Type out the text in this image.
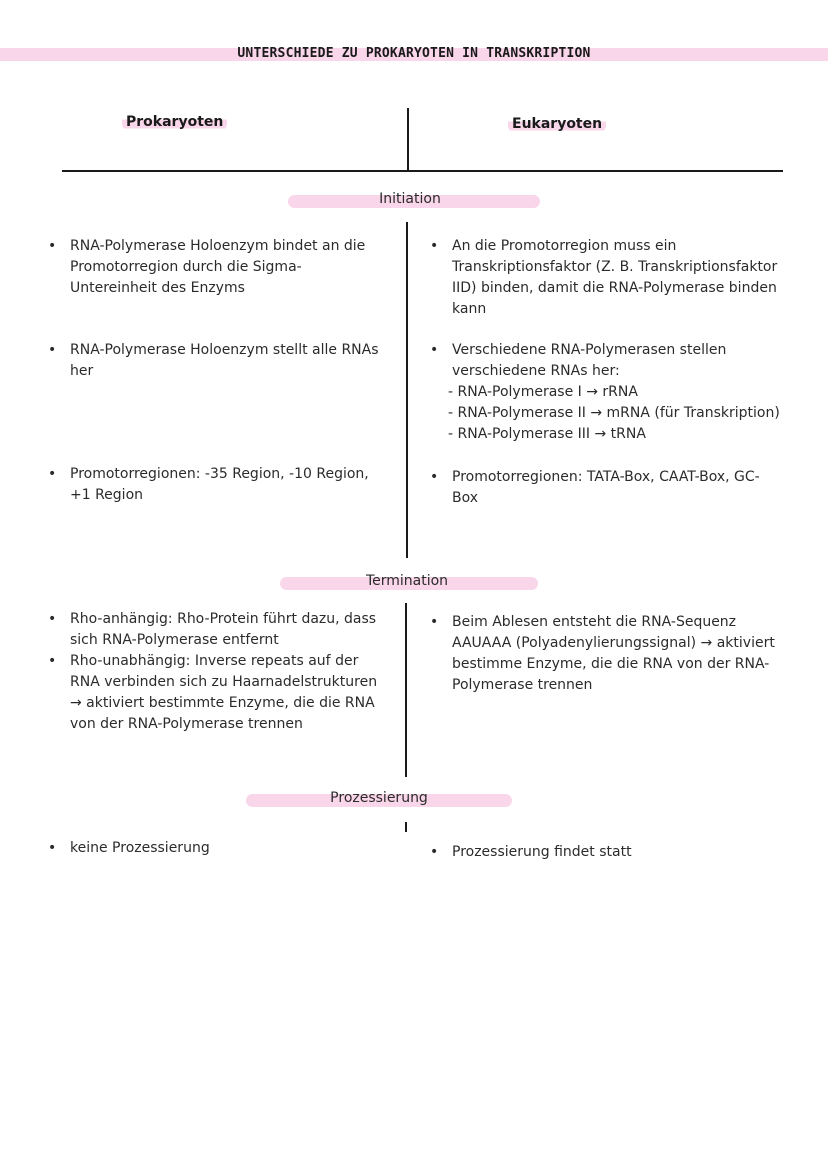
UNTERSCHIEDE ZU PROKARYOTEN IN TRANSKRIPTION
Prokaryoten	Eukaryoten
Initiation
• RNA-Polymerase Holoenzym bindet an die
Promotorregion durch die Sigma-
Untereinheit des Enzyms
• RNA-Polymerase Holoenzym stellt alle RNAs
her
• Promotorregionen: -35 Region, -10 Region,
+1 Region
• An die Promotorregion muss ein
Transkriptionsfaktor (Z. B. Transkriptionsfaktor
IID) binden, damit die RNA-Polymerase binden
kann
• Verschiedene RNA-Polymerasen stellen
verschiedene RNAs her:

- RNA-Polymerase I → rRNA
- RNA-Polymerase II → mRNA (für Transkription)
- RNA-Polymerase III → tRNA
• Promotorregionen: TATA-Box, CAAT-Box, GC-
Box
Termination
• Rho-anhängig: Rho-Protein führt dazu, dass
sich RNA-Polymerase entfernt
• Rho-unabhängig: Inverse repeats auf der
RNA verbinden sich zu Haarnadelstrukturen
→ aktiviert bestimmte Enzyme, die die RNA
von der RNA-Polymerase trennen
• Beim Ablesen entsteht die RNA-Sequenz
AAUAAA (Polyadenylierungssignal) → aktiviert
bestimme Enzyme, die die RNA von der RNA-
Polymerase trennen
Prozessierung
• keine Prozessierung	• Prozessierung findet statt
